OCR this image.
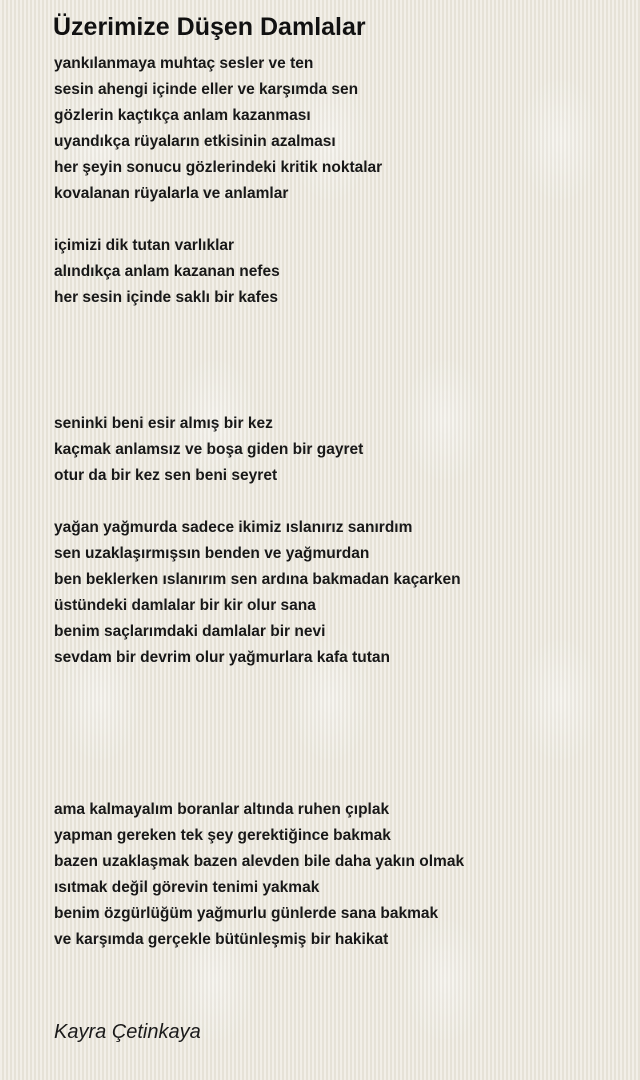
Üzerimize Düşen Damlalar
yankılanmaya muhtaç sesler ve ten
sesin ahengi içinde eller ve karşımda sen
gözlerin kaçtıkça anlam kazanması
uyandıkça rüyaların etkisinin azalması
her şeyin sonucu gözlerindeki kritik noktalar
kovalanan rüyalarla ve anlamlar
içimizi dik tutan varlıklar
alındıkça anlam kazanan nefes
her sesin içinde saklı bir kafes
seninki beni esir almış bir kez
kaçmak anlamsız ve boşa giden bir gayret
otur da bir kez sen beni seyret
yağan yağmurda sadece ikimiz ıslanırız sanırdım
sen uzaklaşırmışsın benden ve yağmurdan
ben beklerken ıslanırım sen ardına bakmadan kaçarken
üstündeki damlalar bir kir olur sana
benim saçlarımdaki damlalar bir nevi
sevdam bir devrim olur yağmurlara kafa tutan
ama kalmayalım boranlar altında ruhen çıplak
yapman gereken tek şey gerektiğince bakmak
bazen uzaklaşmak bazen alevden bile daha yakın olmak
ısıtmak değil görevin tenimi yakmak
benim özgürlüğüm yağmurlu günlerde sana bakmak
ve karşımda gerçekle bütünleşmiş bir hakikat
Kayra Çetinkaya
